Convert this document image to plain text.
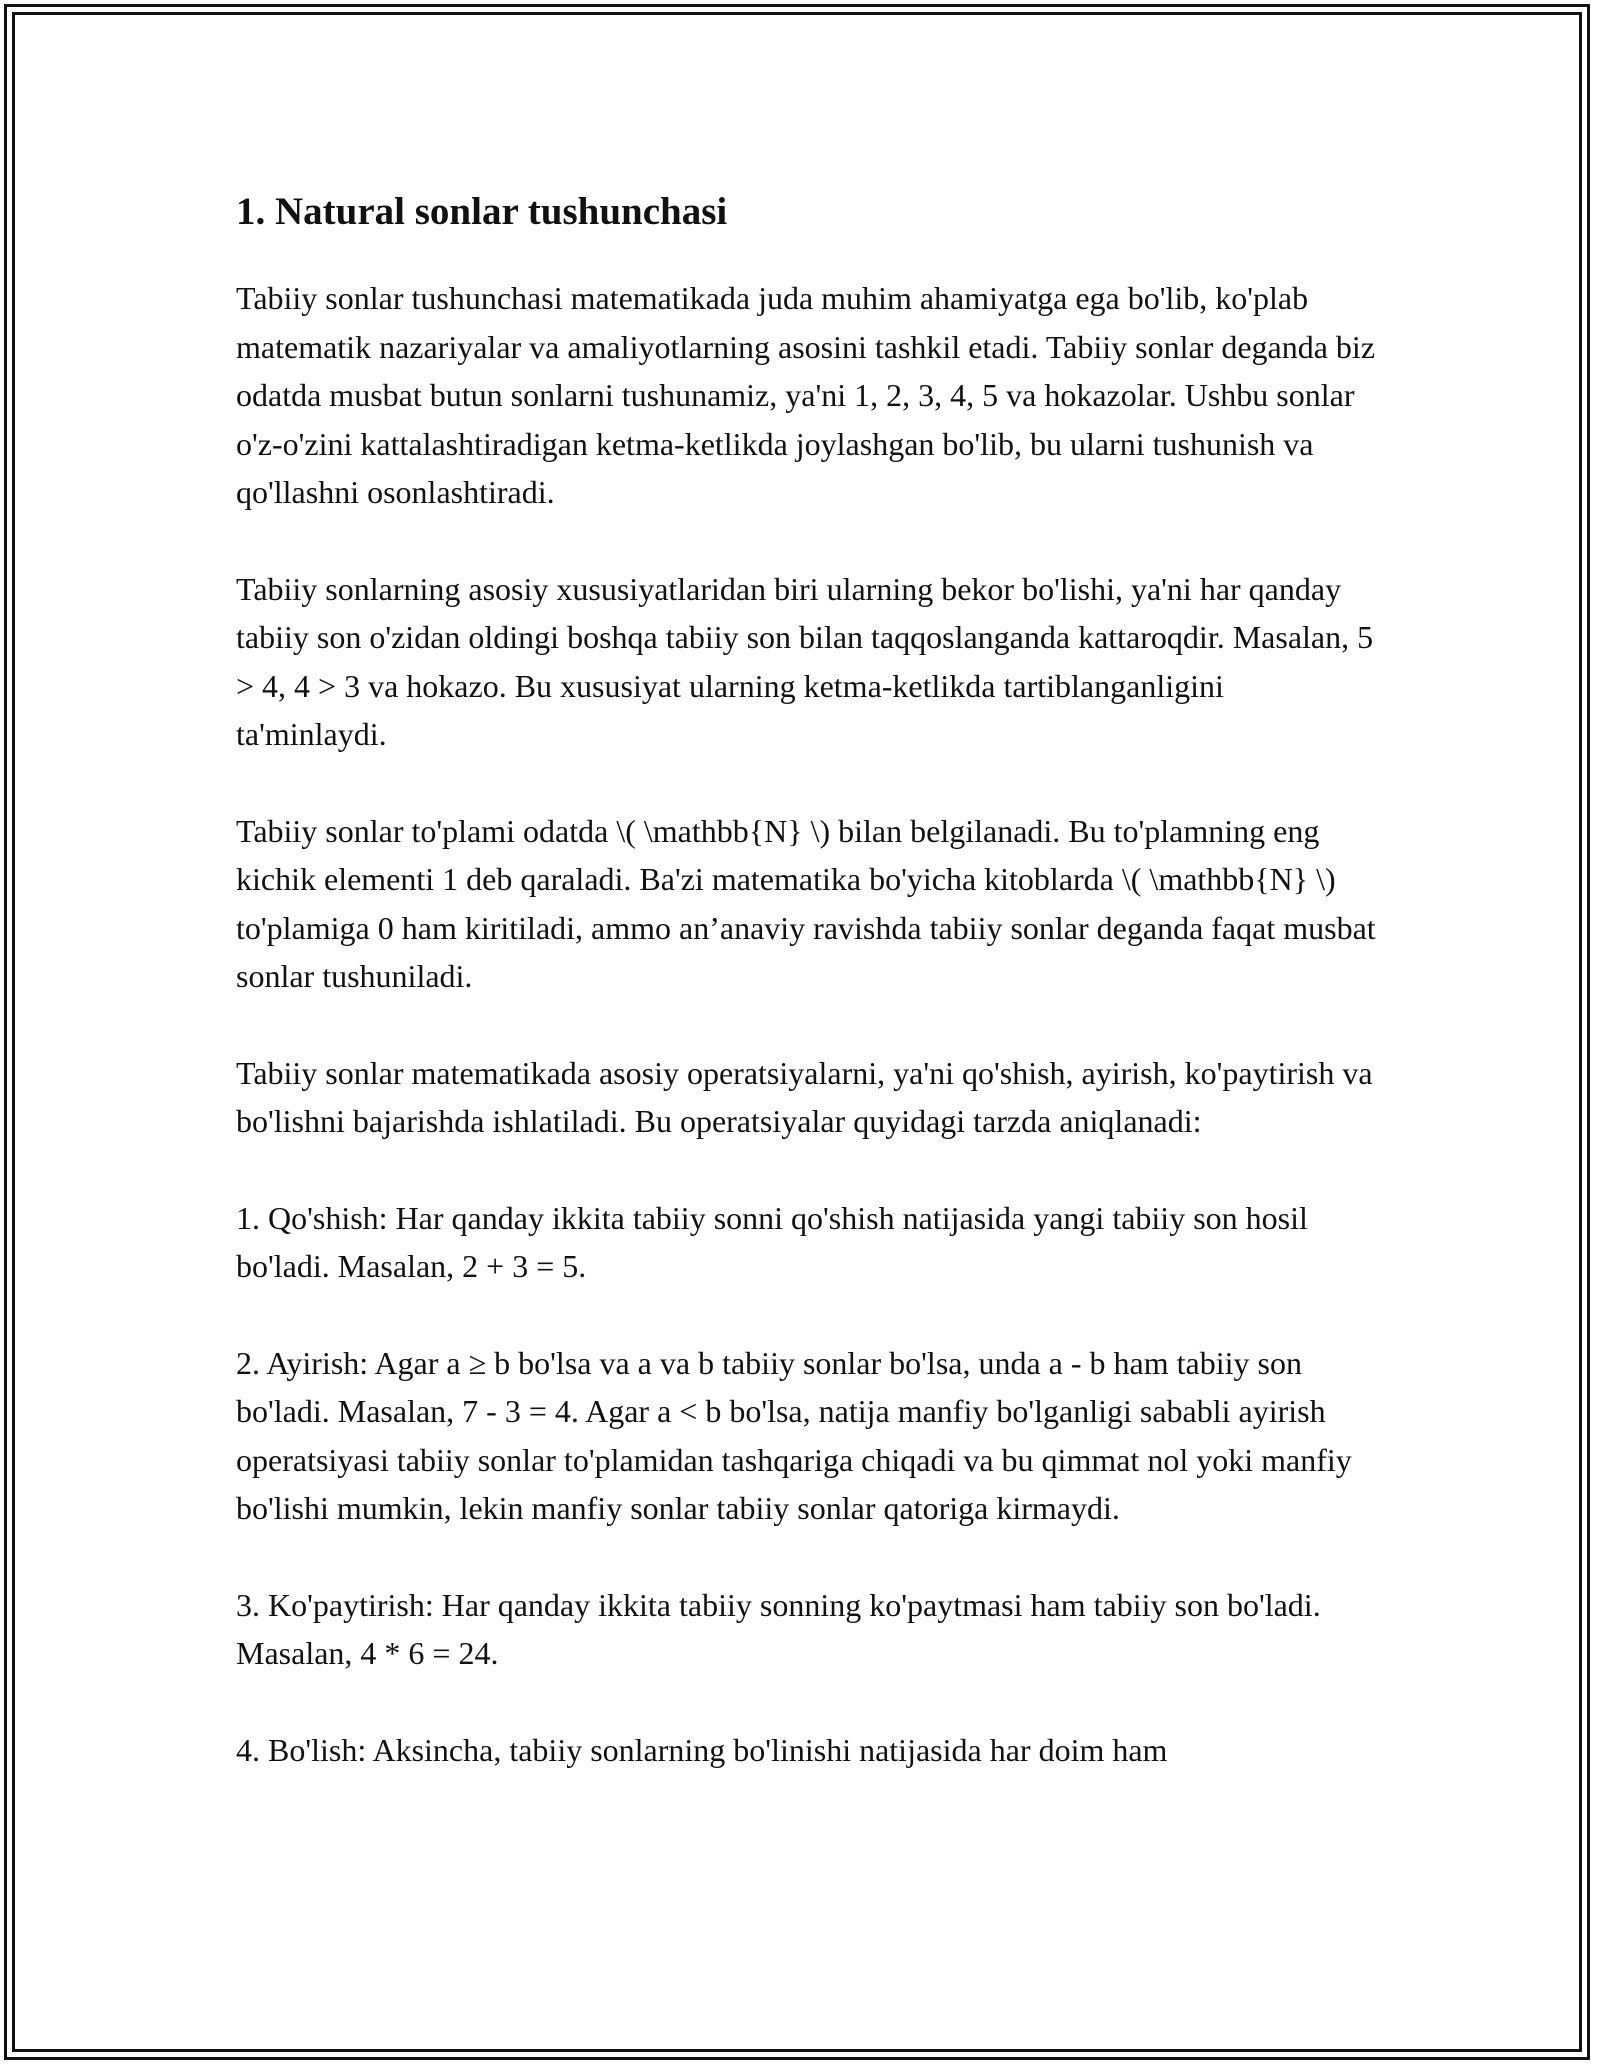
1. Natural sonlar tushunchasi

Tabiiy sonlar tushunchasi matematikada juda muhim ahamiyatga ega bo'lib, ko'plab matematik nazariyalar va amaliyotlarning asosini tashkil etadi. Tabiiy sonlar deganda biz odatda musbat butun sonlarni tushunamiz, ya'ni 1, 2, 3, 4, 5 va hokazolar. Ushbu sonlar o'z-o'zini kattalashtiradigan ketma-ketlikda joylashgan bo'lib, bu ularni tushunish va qo'llashni osonlashtiradi.

Tabiiy sonlarning asosiy xususiyatlaridan biri ularning bekor bo'lishi, ya'ni har qanday tabiiy son o'zidan oldingi boshqa tabiiy son bilan taqqoslanganda kattaroqdir. Masalan, 5 > 4, 4 > 3 va hokazo. Bu xususiyat ularning ketma-ketlikda tartiblanganligini ta'minlaydi.

Tabiiy sonlar to'plami odatda \( \mathbb{N} \) bilan belgilanadi. Bu to'plamning eng kichik elementi 1 deb qaraladi. Ba'zi matematika bo'yicha kitoblarda \( \mathbb{N} \) to'plamiga 0 ham kiritiladi, ammo an’anaviy ravishda tabiiy sonlar deganda faqat musbat sonlar tushuniladi.

Tabiiy sonlar matematikada asosiy operatsiyalarni, ya'ni qo'shish, ayirish, ko'paytirish va bo'lishni bajarishda ishlatiladi. Bu operatsiyalar quyidagi tarzda aniqlanadi:

1. Qo'shish: Har qanday ikkita tabiiy sonni qo'shish natijasida yangi tabiiy son hosil bo'ladi. Masalan, 2 + 3 = 5.

2. Ayirish: Agar a ≥ b bo'lsa va a va b tabiiy sonlar bo'lsa, unda a - b ham tabiiy son bo'ladi. Masalan, 7 - 3 = 4. Agar a < b bo'lsa, natija manfiy bo'lganligi sababli ayirish operatsiyasi tabiiy sonlar to'plamidan tashqariga chiqadi va bu qimmat nol yoki manfiy bo'lishi mumkin, lekin manfiy sonlar tabiiy sonlar qatoriga kirmaydi.

3. Ko'paytirish: Har qanday ikkita tabiiy sonning ko'paytmasi ham tabiiy son bo'ladi. Masalan, 4 * 6 = 24.

4. Bo'lish: Aksincha, tabiiy sonlarning bo'linishi natijasida har doim ham
